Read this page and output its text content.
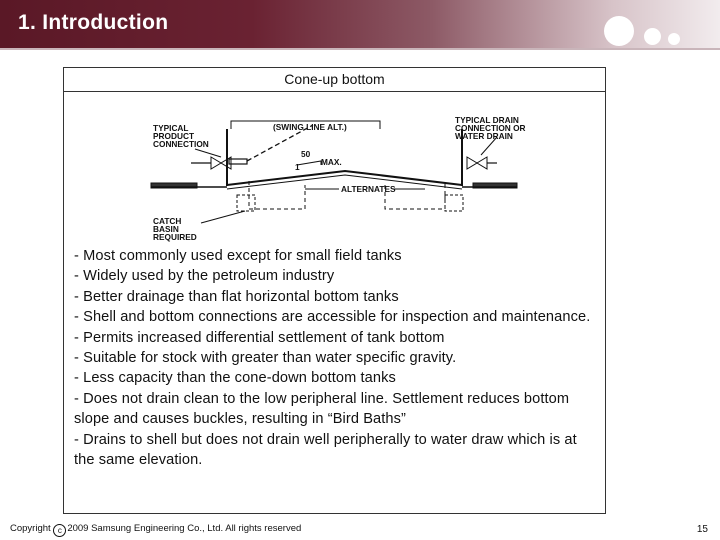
1. Introduction
Cone-up bottom
TYPICAL
PRODUCT
CONNECTION
(SWING LINE ALT.)
TYPICAL DRAIN
CONNECTION OR
WATER DRAIN
50
1	MAX.
ALTERNATES
CATCH
BASIN
REQUIRED
- Most commonly used except for small field tanks
- Widely used by the petroleum industry
- Better drainage than flat horizontal bottom tanks
- Shell and bottom connections are accessible for inspection and maintenance.
- Permits increased differential settlement of tank bottom
- Suitable for stock with greater than water specific gravity.
- Less capacity than the cone-down bottom tanks
- Does not drain clean to the low peripheral line. Settlement reduces bottom slope and causes buckles, resulting in “Bird Baths”
- Drains to shell but does not drain well peripherally to water draw which is at the same elevation.
Copyright c 2009 Samsung Engineering Co., Ltd. All rights reserved	15
